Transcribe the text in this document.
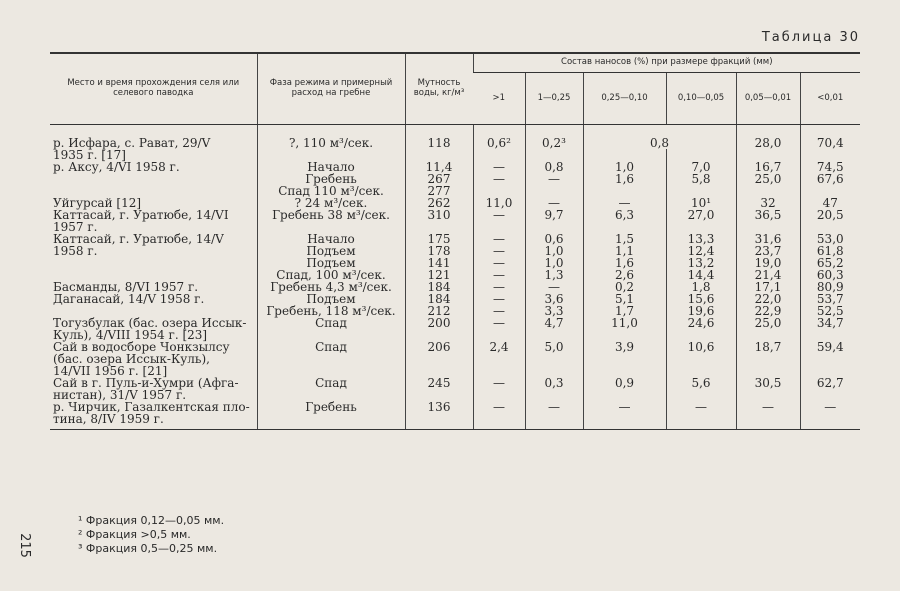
Таблица 30
Место и время прохождения селя или селевого паводка	Фаза режима и примерный расход на гребне	Мутность воды, кг/м³	Состав наносов (%) при размере фракций (мм)					
			>1	1—0,25	0,25—0,10	0,10—0,05	0,05—0,01	<0,01
р. Исфара, с. Рават, 29/V	?, 110 м³/сек.	118	0,6²	0,2³	0,8		28,0	70,4
1935 г. [17]								
р. Аксу, 4/VI 1958 г.	Начало	11,4	—	0,8	1,0	7,0	16,7	74,5
	Гребень	267	—	—	1,6	5,8	25,0	67,6
	Спад 110 м³/сек.	277						
Уйгурсай [12]	? 24 м³/сек.	262	11,0	—	—	10¹	32	47
Каттасай, г. Уратюбе, 14/VI	Гребень 38 м³/сек.	310	—	9,7	6,3	27,0	36,5	20,5
1957 г.								
Каттасай, г. Уратюбе, 14/V	Начало	175	—	0,6	1,5	13,3	31,6	53,0
1958 г.	Подъем	178	—	1,0	1,1	12,4	23,7	61,8
	Подъем	141	—	1,0	1,6	13,2	19,0	65,2
	Спад, 100 м³/сек.	121	—	1,3	2,6	14,4	21,4	60,3
Басманды, 8/VI 1957 г.	Гребень 4,3 м³/сек.	184	—	—	0,2	1,8	17,1	80,9
Даганасай, 14/V 1958 г.	Подъем	184	—	3,6	5,1	15,6	22,0	53,7
	Гребень, 118 м³/сек.	212	—	3,3	1,7	19,6	22,9	52,5
Тогузбулак (бас. озера Иссык-	Спад	200	—	4,7	11,0	24,6	25,0	34,7
Куль), 4/VIII 1954 г. [23]								
Сай в водосборе Чонкзылсу	Спад	206	2,4	5,0	3,9	10,6	18,7	59,4
(бас. озера Иссык-Куль),								
14/VII 1956 г. [21]								
Сай в г. Пуль-и-Хумри (Афга-	Спад	245	—	0,3	0,9	5,6	30,5	62,7
нистан), 31/V 1957 г.								
р. Чирчик, Газалкентская пло-	Гребень	136	—	—	—	—	—	—
тина, 8/IV 1959 г.								
¹ Фракция 0,12—0,05 мм.
² Фракция >0,5 мм.
³ Фракция 0,5—0,25 мм.
215
